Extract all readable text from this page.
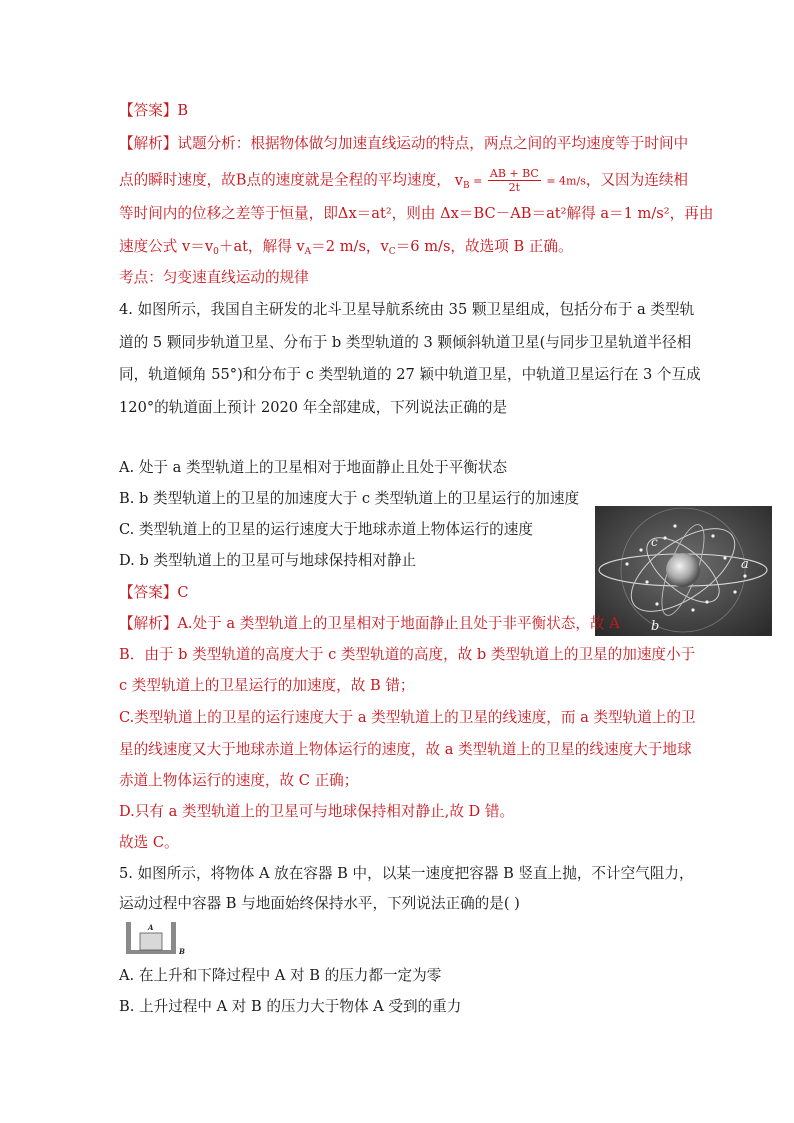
【答案】B
【解析】试题分析：根据物体做匀加速直线运动的特点，两点之间的平均速度等于时间中
点的瞬时速度，故B点的速度就是全程的平均速度， $v_B = \frac{AB + BC}{2t} = 4m/s$，又因为连续相
等时间内的位移之差等于恒量，即Δx＝at²，则由 Δx＝BC－AB＝at²解得 a＝1 m/s²，再由
速度公式 $v=v_0+at$，解得 $v_A=2$ m/s，$v_C=6$ m/s，故选项 B 正确。
考点：匀变速直线运动的规律
4. 如图所示，我国自主研发的北斗卫星导航系统由 35 颗卫星组成，包括分布于 a 类型轨
道的 5 颗同步轨道卫星、分布于 b 类型轨道的 3 颗倾斜轨道卫星(与同步卫星轨道半径相
同，轨道倾角 55°)和分布于 c 类型轨道的 27 颖中轨道卫星，中轨道卫星运行在 3 个互成
120°的轨道面上预计 2020 年全部建成，下列说法正确的是
A. 处于 a 类型轨道上的卫星相对于地面静止且处于平衡状态
B. b 类型轨道上的卫星的加速度大于 c 类型轨道上的卫星运行的加速度
C. 类型轨道上的卫星的运行速度大于地球赤道上物体运行的速度
D. b 类型轨道上的卫星可与地球保持相对静止
c
a
b
【答案】C
【解析】A.处于 a 类型轨道上的卫星相对于地面静止且处于非平衡状态，故 A
B．由于 b 类型轨道的高度大于 c 类型轨道的高度，故 b 类型轨道上的卫星的加速度小于
c 类型轨道上的卫星运行的加速度，故 B 错；
C.类型轨道上的卫星的运行速度大于 a 类型轨道上的卫星的线速度，而 a 类型轨道上的卫
星的线速度又大于地球赤道上物体运行的速度，故 a 类型轨道上的卫星的线速度大于地球
赤道上物体运行的速度，故 C 正确；
D.只有 a 类型轨道上的卫星可与地球保持相对静止,故 D 错。
故选 C。
5. 如图所示，将物体 A 放在容器 B 中，以某一速度把容器 B 竖直上抛，不计空气阻力，
运动过程中容器 B 与地面始终保持水平，下列说法正确的是( )
A
B
A. 在上升和下降过程中 A 对 B 的压力都一定为零
B. 上升过程中 A 对 B 的压力大于物体 A 受到的重力
